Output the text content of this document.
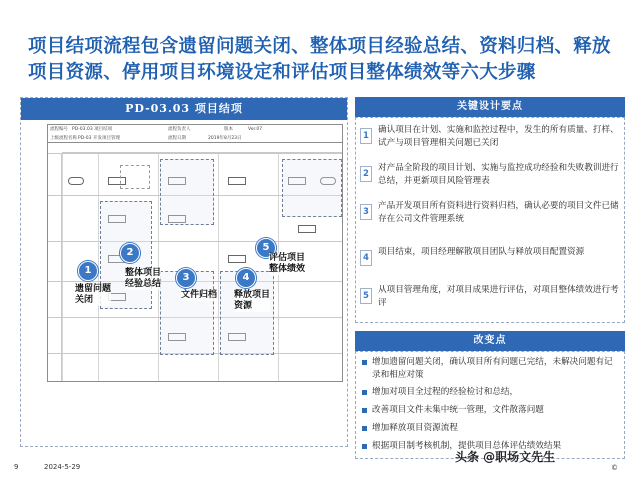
项目结项流程包含遗留问题关闭、整体项目经验总结、资料归档、释放项目资源、停用项目环境设定和评估项目整体绩效等六大步骤
PD-03.03 项目结项
流程编号 PD-03.03 项目结项	流程负责人	版本	Ver.07
上级流程名称 PD-03 开发项目管理	流程日期	2019年8月23日
1
遗留问题
关闭
2
整体项目
经验总结
3
文件归档
4
释放项目
资源
5
评估项目
整体绩效
关键设计要点
1
确认项目在计划、实施和监控过程中，发生的所有质量、打样、试产与项目管理相关问题已关闭
2
对产品全阶段的项目计划、实施与监控成功经验和失败教训进行总结，并更新项目风险管理表
3
产品开发项目所有资料进行资料归档，确认必要的项目文件已储存在公司文件管理系统
4
项目结束，项目经理解散项目团队与释放项目配置资源
5
从项目管理角度，对项目成果进行评估，对项目整体绩效进行考评
改变点
增加遗留问题关闭，确认项目所有问题已完结，未解决问题有记录和相应对策
增加对项目全过程的经验检讨和总结，
改善项目文件未集中统一管理，文件散落问题
增加释放项目资源流程
根据项目制考核机制，提供项目总体评估绩效结果
9	2024-5-29
头条 @职场文先生
©
